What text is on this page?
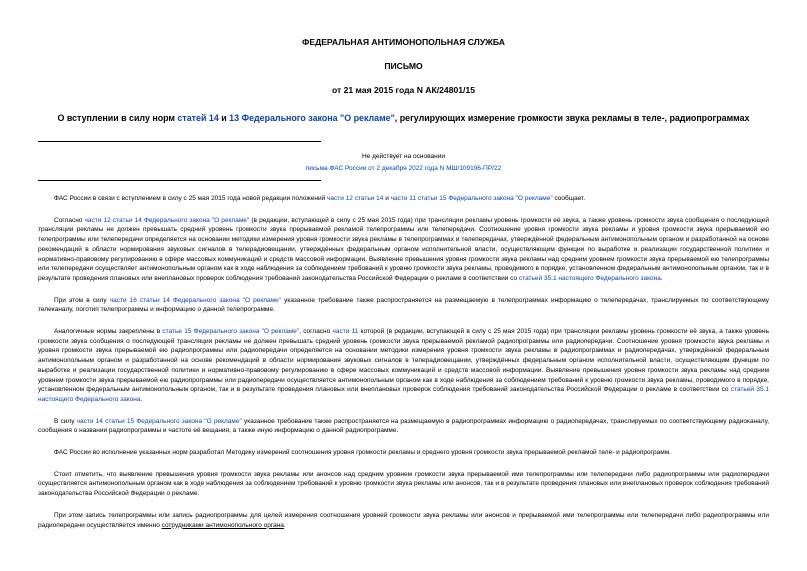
ФЕДЕРАЛЬНАЯ АНТИМОНОПОЛЬНАЯ СЛУЖБА
ПИСЬМО
от 21 мая 2015 года N АК/24801/15
О вступлении в силу норм статей 14 и 13 Федерального закона "О рекламе", регулирующих измерение громкости звука рекламы в теле-, радиопрограммах
Не действует на основании
письма ФАС России от 2 декабря 2022 года N МШ/109196-ПР/22

ФАС России в связи с вступлением в силу с 25 мая 2015 года новой редакции положений части 12 статьи 14 и части 11 статьи 15 Федерального закона "О рекламе" сообщает.

Согласно части 12 статьи 14 Федерального закона "О рекламе" (в редакции, вступающей в силу с 25 мая 2015 года) при трансляции рекламы уровень громкости её звука, а также уровень громкости звука сообщения о последующей трансляции рекламы не должен превышать средний уровень громкости звука прерываемой рекламой телепрограммы или телепередачи. Соотношение уровня громкости звука рекламы и уровня громкости звука прерываемой ею телепрограммы или телепередачи определяется на основании методики измерения уровня громкости звука рекламы в телепрограммах и телепередачах, утверждённой федеральным антимонопольным органом и разработанной на основе рекомендаций в области нормирования звуковых сигналов в телерадиовещании, утверждённых федеральным органом исполнительной власти, осуществляющим функции по выработке и реализации государственной политики и нормативно-правовому регулированию в сфере массовых коммуникаций и средств массовой информации. Выявление превышения уровня громкости звука рекламы над средним уровнем громкости звука прерываемой ею телепрограммы или телепередачи осуществляет антимонопольным органом как в ходе наблюдения за соблюдением требований к уровню громкости звука рекламы, проводимого в порядке, установленном федеральным антимонопольным органом, так и в результате проведения плановых или внеплановых проверок соблюдения требований законодательства Российской Федерации о рекламе в соответствии со статьей 35.1 настоящего Федерального закона.

При этом в силу части 16 статьи 14 Федерального закона "О рекламе" указанное требование также распространяется на размещаемую в телепрограммах информацию о телепередачах, транслируемых по соответствующему телеканалу, логотип телепрограммы и информацию о данной телепрограмме.

Аналогичные нормы закреплены в статье 15 Федерального закона "О рекламе", согласно части 11 которой (в редакции, вступающей в силу с 25 мая 2015 года) при трансляции рекламы уровень громкости её звука, а также уровень громкости звука сообщения о последующей трансляции рекламы не должен превышать средний уровень громкости звука прерываемой рекламой радиопрограммы или радиопередачи. Соотношение уровня громкости звука рекламы и уровня громкости звука прерываемой ею радиопрограммы или радиопередачи определяется на основании методики измерения уровня громкости звука рекламы в радиопрограммах и радиопередачах, утверждённой федеральным антимонопольным органом и разработанной на основе рекомендаций в области нормирования звуковых сигналов в телерадиовещании, утверждённых федеральным органом исполнительной власти, осуществляющим функции по выработке и реализации государственной политики и нормативно-правовому регулированию в сфере массовых коммуникаций и средств массовой информации. Выявление превышения уровня громкости звука рекламы над средним уровнем громкости звука прерываемой ею радиопрограммы или радиопередачи осуществляется антимонопольным органом как в ходе наблюдения за соблюдением требований к уровню громкости звука рекламы, проводимого в порядке, установленном федеральным антимонопольным органом, так и в результате проведения плановых или внеплановых проверок соблюдения требований законодательства Российской Федерации о рекламе в соответствии со статьей 35.1 настоящего Федерального закона.

В силу части 14 статьи 15 Федерального закона "О рекламе" указанное требование также распространяется на размещаемую в радиопрограммах информацию о радиопередачах, транслируемых по соответствующему радиоканалу, сообщения о названии радиопрограммы и частоте её вещания, а также иную информацию о данной радиопрограмме.

ФАС России во исполнение указанных норм разработал Методику измерений соотношения уровня громкости рекламы и среднего уровня громкости звука прерываемой рекламой теле- и радиопрограмм.

Стоит отметить, что выявление превышения уровня громкости звука рекламы или анонсов над средним уровнем громкости звука прерываемой ими телепрограммы или телепередачи либо радиопрограммы или радиопередачи осуществляется антимонопольным органом как в ходе наблюдения за соблюдением требований к уровню громкости звука рекламы или анонсов, так и в результате проведения плановых или внеплановых проверок соблюдения требований законодательства Российской Федерации о рекламе.

При этом запись телепрограммы или запись радиопрограммы для целей измерения соотношения уровней громкости звука рекламы или анонсов и прерываемой ими телепрограммы или телепередачи либо радиопрограммы или радиопередачи осуществляется именно сотрудниками антимонопольного органа.
